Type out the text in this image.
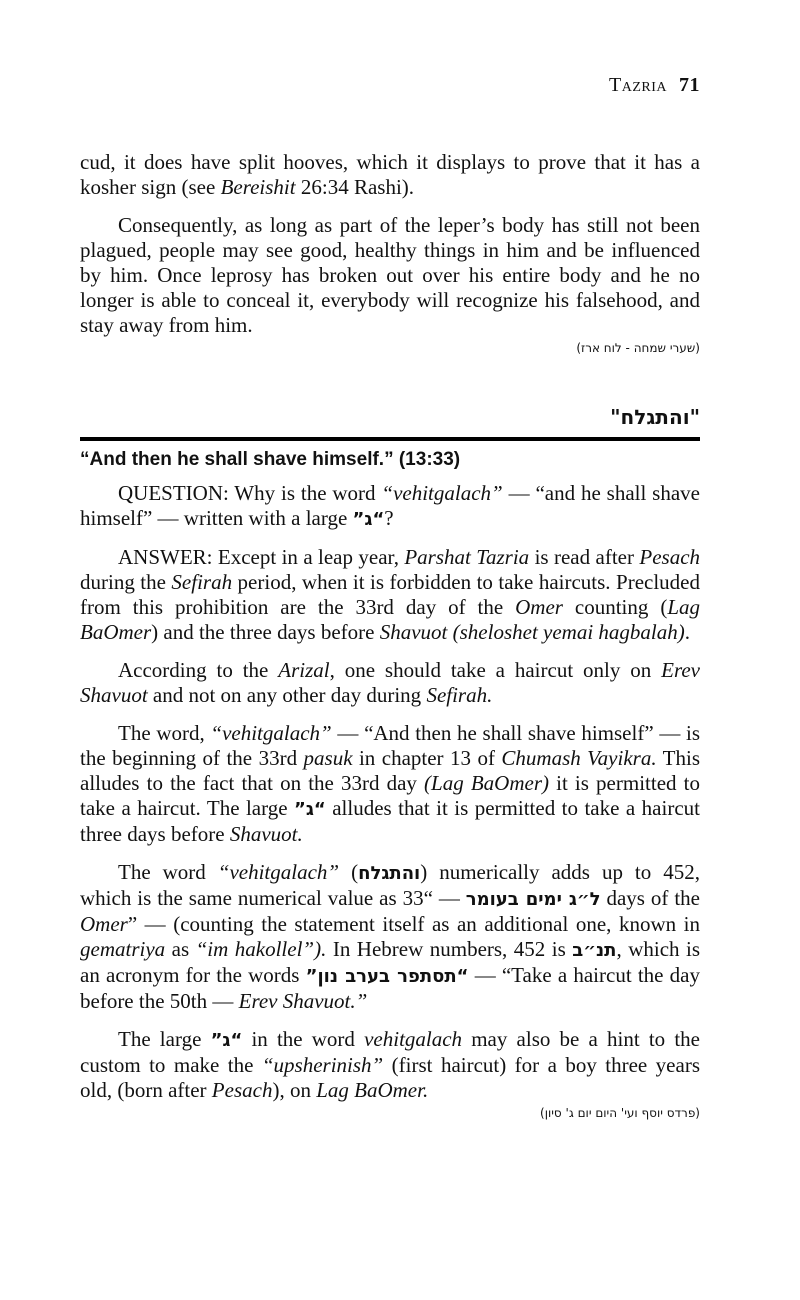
Tazria 71

cud, it does have split hooves, which it displays to prove that it has a kosher sign (see Bereishit 26:34 Rashi).

Consequently, as long as part of the leper’s body has still not been plagued, people may see good, healthy things in him and be influenced by him. Once leprosy has broken out over his entire body and he no longer is able to conceal it, everybody will recognize his falsehood, and stay away from him.

(שערי שמחה - לוח ארז)
"והתגלח"
“And then he shall shave himself.” (13:33)

QUESTION: Why is the word “vehitgalach” — “and he shall shave himself” — written with a large ”ג“?

ANSWER: Except in a leap year, Parshat Tazria is read after Pesach during the Sefirah period, when it is forbidden to take haircuts. Precluded from this prohibition are the 33rd day of the Omer counting (Lag BaOmer) and the three days before Shavuot (sheloshet yemai hagbalah).

According to the Arizal, one should take a haircut only on Erev Shavuot and not on any other day during Sefirah.

The word, “vehitgalach” — “And then he shall shave himself” — is the beginning of the 33rd pasuk in chapter 13 of Chumash Vayikra. This alludes to the fact that on the 33rd day (Lag BaOmer) it is permitted to take a haircut. The large ”ג“ alludes that it is permitted to take a haircut three days before Shavuot.

The word “vehitgalach” (והתגלח) numerically adds up to 452, which is the same numerical value as	ל״ג ימים בעומר — “33 days of the Omer” — (counting the statement itself as an additional one, known in gematriya as “im hakollel”). In Hebrew numbers, 452 is תנ״ב, which is an acronym for the words ”תסתפר בערב נון“ — “Take a haircut the day before the 50th — Erev Shavuot.”

The large ”ג“ in the word vehitgalach may also be a hint to the custom to make the “upsherinish” (first haircut) for a boy three years old, (born after Pesach), on Lag BaOmer.

(פרדס יוסף ועי' היום יום ג' סיון)
